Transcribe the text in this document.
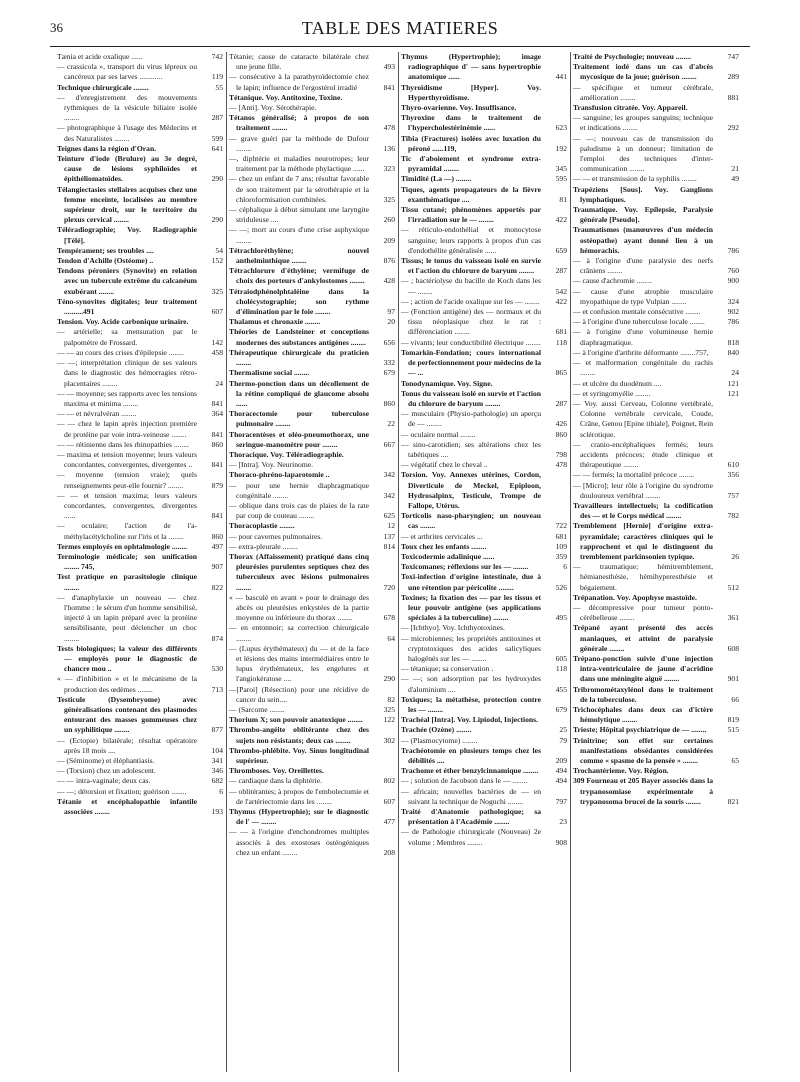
36	TABLE DES MATIERES
Tænia et acide oxalique ......	742
— crassicola », transport du virus lépreux ou cancéreux par ses larves ............	119
Technique chirurgicale ........	55
— d'enregistrement des mouvements rythmiques de la vésicule biliaire isolée ........	287
— photographique à l'usage des Médecins et des Naturalistes ........	599
Teignes dans la région d'Oran.	641
Teinture d'iode (Brulure) au 3e degré, cause de lésions syphiloïdes et épithéliomatoïdes.	290
Télangiectasies stellaires acquises chez une femme enceinte, localisées au membre supérieur droit, sur le territoire du plexus cervical ........	290
Téléradiographie; Voy. Radiographie [Télé].
Tempérament; ses troubles ....	54
Tendon d'Achille (Ostéome) ..	152
Tendons péroniers (Synovite) en relation avec un tubercule extrême du calcanéum exubérant ........	325
Téno-synovites digitales; leur traitement ..........491	607
Tension. Voy. Acide carbonique urinaire.
— artérielle; sa mensuration par le palpomètre de Frossard.	142
— — au cours des crises d'épilepsie ........	458
— —; interprétation clinique de ses valeurs dans le diagnostic des hémorragies rétro-placentaires ........	24
— — moyenne; ses rapports avec les tensions maxima et minima ........	841
— — et névralvéran ........	364
— — chez le lapin après injection première de protéine par voie intra-veineuse ........	841
— — rétinienne dans les rhinopathies ........	860
— maxima et tension moyenne; leurs valeurs concordantes, convergentes, divergentes ..	841
— moyenne (tension vraie); quels renseignements peut-elle fournir? ........	879
— — et tension maxima; leurs valeurs concordantes, convergentes, divergentes ......	841
— oculaire; l'action de l'a-méthylacétylcholine sur l'iris et la ........	860
Termes employés en ophtalmologie ........	497
Terminologie médicale; son unification ........ 745,	907
Test pratique en parasitologie clinique ........	822
— d'anaphylaxie un nouveau — chez l'homme : le sérum d'un homme sensibilisé, injecté à un lapin préparé avec la protéine sensibilisante, peut déclencher un choc ........	874
Tests biologiques; la valeur des différents — employés pour le diagnostic de chancre mou ..	530
« — d'inhibition » et le mécanisme de la production des œdèmes ........	713
Testicule (Dysembryome) avec généralisations contenant des plasmodes entourant des masses gommeuses chez un syphilitique ........	877
— (Ectopie) bilatérale; résultat opératoire après 18 mois ....	104
— (Séminome) et éléphantiasis.	341
— (Torsion) chez un adolescent.	346
— — intra-vaginale; deux cas.	682
— —; détorsion et fixation; guérison ........	6
Tétanie et encéphalopathie infantile associées ........	193
Tétanie; cause de cataracte bilatérale chez une jeune fille.	493
— consécutive à la parathyroïdectomie chez le lapin; influence de l'ergostérol irradié	841
Tétanique. Voy. Antitoxine, Toxine.
— [Anti]. Voy. Sérothérapie.
Tétanos généralisé; à propos de son traitement ........	478
— grave guéri par la méthode de Dufour ........	136
—, diphtérie et maladies neurotropes; leur traitement par la méthode phylactique ......	323
— chez un enfant de 7 ans; résultat favorable de son traitement par la sérothérapie et la chloroformisation combinées.	325
— céphalique à début simulant une laryngite striduleuse ....	260
— —; mort au cours d'une crise asphyxique ........	209
Tétrachloréthylène; nouvel anthelminthique ........	876
Tétrachlorure d'éthylène; vermifuge de choix des porteurs d'ankylostomes ........ 428
Tétraiodphénolphtaléine dans la cholécystographie; son rythme d'élimination par le foie ........	97
Thalamus et chronaxie ........	20
Théories de Landsteiner et conceptions modernes des substances antigènes ........ 656
Thérapeutique chirurgicale du praticien ........	332
Thermalisme social ........	679
Thermo-ponction dans un décollement de la rétine compliqué de glaucome absolu ......	860
Thoracectomie pour tuberculose pulmonaire ........	22
Thoracentèses et oléo-pneumothorax, une seringue-manomètre pour ........	667
Thoracique. Voy. Téléradiographie.
— [Intra]. Voy. Neurinome.
Thoraco-phréno-laparotomie ..	342
— pour une hernie diaphragmatique congénitale ........	342
— oblique dans trois cas de plaies de la rate par coup de couteau ........	625
Thoracoplastie ........	12
— pour cavernes pulmonaires.	137
— extra-pleurale ........	814
Thorax (Affaissement) pratiqué dans cinq pleurésies purulentes septiques chez des tuberculeux avec lésions pulmonaires ........	720
« — basculé en avant » pour le drainage des abcès ou pleurésies enkystées de la partie moyenne ou inférieure du thorax ........	678
— en entonnoir; sa correction chirurgicale ........	64
— (Lupus érythémateux) du — et de la face et lésions des mains intermédiaires entre le lupus érythémateux, les engelures et l'angiokératose ....	290
—[Paroi] (Résection) pour une récidive de cancer du sein....	82
— (Sarcome ........	325
Thorium X; son pouvoir anatoxique ........	122
Thrombo-angéite oblitérante chez des sujets non résistants; deux cas ........	302
Thrombo-phlébite. Voy. Sinus longitudinal supérieur.
Thromboses. Voy. Oreillettes.
— cardiaque dans la diphtérie.	802
— oblitérantes; à propos de l'embolectomie et de l'artériectomie dans les ........	607
Thymus (Hypertrophie); sur le diagnostic de l' — ........	477
— — à l'origine d'enchondromes multiples associés à des exostoses ostéogéniques chez un enfant ........	208
Thymus (Hypertrophie); image radiographique d' — sans hypertrophie anatomique ......	441
Thyroïdisme [Hyper]. Voy. Hyperthyroïdisme.
Thyro-ovarienne. Voy. Insuffisance.
Thyroxine dans le traitement de l'hypercholestérinémie ......	623
Tibia (Fractures) isolées avec luxation du péroné ......119,	192
Tic d'aboiement et syndrome extra-pyramidal ........	345
Timidité (La —) ........	595
Tiques, agents propagateurs de la fièvre exanthématique ....	81
Tissu cutané; phénomènes apportés par l'irradiation sur le — ........	422
— réticulo-endothélial et monocytose sanguine; leurs rapports à propos d'un cas d'endothélite généralisée ......	659
Tissus; le tonus du vaisseau isolé en survie et l'action du chlorure de baryum ........	287
— ; bactériolyse du bacille de Koch dans les — ........	542
— ; action de l'acide oxalique sur les — ........ 422
— (Fonction antigène) des — normaux et du tissu néoplasique chez le rat : différenciation ........	681
— vivants; leur conductibilité électrique ........ 118
Tomarkin-Fondation; cours international de perfectionnement pour médecins de la — ...	865
Tonodynamique. Voy. Signe.
Tonus du vaisseau isolé en survie et l'action du chlorure de baryum ........	287
— musculaire (Physio-pathologie) un aperçu de — ........	426
— oculaire normal ........	860
— sino-carotidien; ses altérations chez les tabétiques ....	798
— végétatif chez le cheval ..	478
Torsion. Voy. Annexes utérines, Cordon, Diverticule de Meckel, Epiploon, Hydrosalpinx, Testicule, Trompe de Fallope, Utérus.
Torticolis naso-pharyngien; un nouveau cas ........	722
— et arthrites cervicales ...	681
Toux chez les enfants ........	109
Toxicodermie adalinique ......	359
Toxicomanes; réflexions sur les — ........	6
Toxi-infection d'origine intestinale, due à une rétention par péricolite ........	526
Toxines; la fixation des — par les tissus et leur pouvoir antigène (ses applications spéciales à la tuberculine) ........	495
— [Ichthyo]. Voy. Ichthyotoxines.
— microbiennes; les propriétés antitoxines et cryptotoxiques des acides salicyliques halogénés sur les — ........	605
— tétanique; sa conservation .	118
— —; son adsorption par les hydroxydes d'aluminium ....	455
Toxiques; la métathèse, protection contre les — ........	679
Trachéal [Intra]. Voy. Lipiodol, Injections.
Trachée (Ozène) ........	25
— (Plasmocytome) ........	79
Trachéotomie en plusieurs temps chez les débilités ....	209
Trachome et éther benzylcinnamique ........ 494
— ; solution de Jacobson dans le — ........	494
— africain; nouvelles bactéries de — en suivant la technique de Noguchi ........	797
Traité d'Anatomie pathologique; sa présentation à l'Académie ........	23
— de Pathologie chirurgicale (Nouveau) 2e volume : Membres ........	908
Traité de Psychologie; nouveau ........	747
Traitement iodé dans un cas d'abcès mycosique de la joue; guérison ........	289
— spécifique et tumeur cérébrale, amélioration ........	881
Transfusion citratée. Voy. Appareil.
— sanguine; les groupes sanguins; technique et indications ........	292
— —; nouveau cas de transmission du paludisme à un donneur; limitation de l'emploi des techniques d'inter-communication ........	21
— — et transmission de la syphilis ........	49
Trapéziens [Sous]. Voy. Ganglions lymphatiques.
Traumatique. Voy. Epilepsie, Paralysie générale [Pseudo].
Traumatismes (manœuvres d'un médecin ostéopathe) ayant donné lieu à un hémorachis.	786
— à l'origine d'une paralysie des nerfs crâniens ........	760
— cause d'achromie ........	900
— cause d'une atrophie musculaire myopathique de type Vulpian ........	324
— et confusion mentale consécutive ........	902
— à l'origine d'une tuberculose locale ........	786
— à l'origine d'une volumineuse hernie diaphragmatique.	818
— à l'origine d'arthrite déformante ........757,	840
— et malformation congénitale du rachis ........	24
— et ulcère du duodénum ....	121
— et syringomyélie ........	121
— Voy. aussi Cerveau, Colonne vertébrale, Colonne vertébrale cervicale, Coude, Crâne, Genou [Epine tibiale], Poignet, Rein sclérotique.
— cranio-encéphaliques fermés; leurs accidents précoces; étude clinique et thérapeutique ........	610
— — fermés; la mortalité précoce ........	356
— [Micro]; leur rôle à l'origine du syndrome douloureux vertébral ........	757
Travailleurs intellectuels; la codification des — et le Corps médical ........	782
Tremblement [Hernie] d'origine extra-pyramidale; caractères cliniques qui le rapprochent et qui le distinguent du tremblement parkinsonien typique.	26
— traumatique; hémitremblement, hémianesthésie, hémihyperesthésie et bégaiement.	512
Trépanation. Voy. Apophyse mastoïde.
— décompressive pour tumeur ponto-cérébelleuse ........	361
Trépané ayant présenté des accès maniaques, et atteint de paralysie générale ........	608
Trépano-ponction suivie d'une injection intra-ventriculaire de jaune d'acridine dans une méningite aiguë ........	901
Tribromométaxylénol dans le traitement de la tuberculose.	66
Trichocéphales dans deux cas d'ictère hémolytique ........	819
Trieste; Hôpital psychiatrique de — ........	515
Trinitrine; son effet sur certaines manifestations obsédantes considérées comme « spasme de la pensée » ........	65
Trochantérieme. Voy. Région.
309 Fourneau et 205 Bayer associés dans la trypanosomiase expérimentale à trypanosoma brucei de la souris ........	821
